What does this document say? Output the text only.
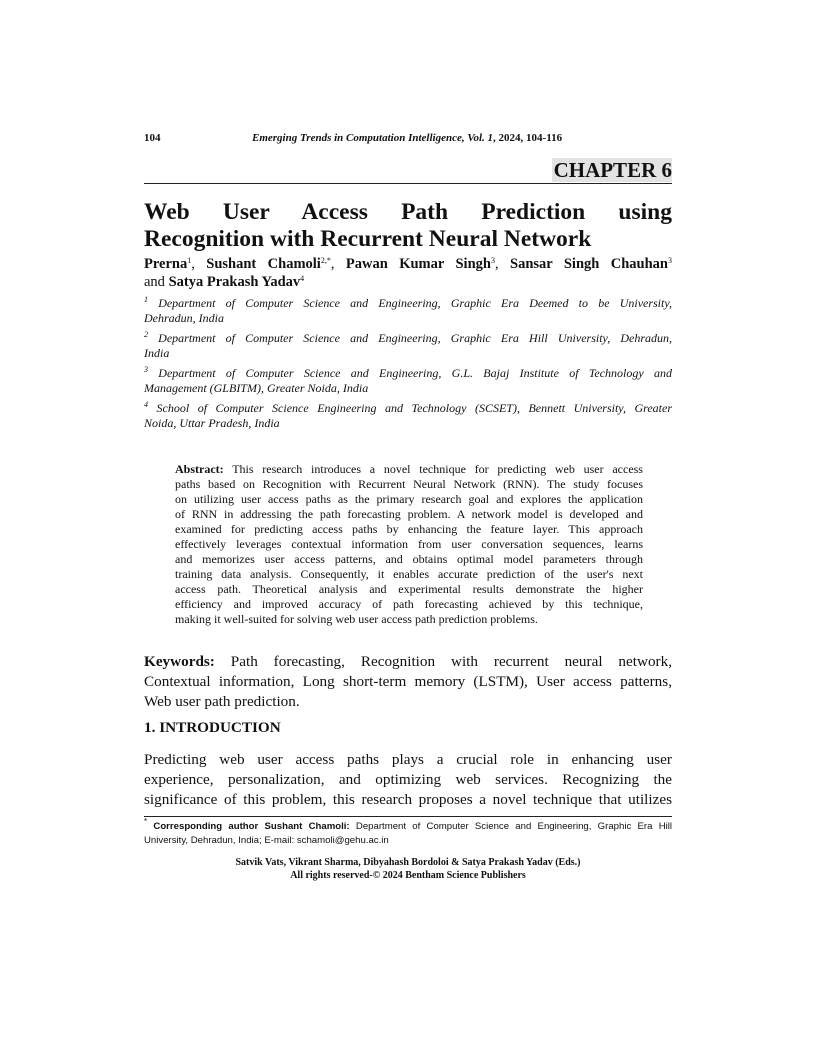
104	Emerging Trends in Computation Intelligence, Vol. 1, 2024, 104-116
CHAPTER 6
Web User Access Path Prediction using
Recognition with Recurrent Neural Network
Prerna$^1$, Sushant Chamoli$^{2,*}$, Pawan Kumar Singh$^3$, Sansar Singh Chauhan$^3$
and Satya Prakash Yadav$^4$
$^1$ Department of Computer Science and Engineering, Graphic Era Deemed to be University,
Dehradun, India
$^2$ Department of Computer Science and Engineering, Graphic Era Hill University, Dehradun,
India
$^3$ Department of Computer Science and Engineering, G.L. Bajaj Institute of Technology and
Management (GLBITM), Greater Noida, India
$^4$ School of Computer Science Engineering and Technology (SCSET), Bennett University, Greater
Noida, Uttar Pradesh, India
Abstract: This research introduces a novel technique for predicting web user access
paths based on Recognition with Recurrent Neural Network (RNN). The study focuses
on utilizing user access paths as the primary research goal and explores the application
of RNN in addressing the path forecasting problem. A network model is developed and
examined for predicting access paths by enhancing the feature layer. This approach
effectively leverages contextual information from user conversation sequences, learns
and memorizes user access patterns, and obtains optimal model parameters through
training data analysis. Consequently, it enables accurate prediction of the user's next
access path. Theoretical analysis and experimental results demonstrate the higher
efficiency and improved accuracy of path forecasting achieved by this technique,
making it well-suited for solving web user access path prediction problems.
Keywords: Path forecasting, Recognition with recurrent neural network,
Contextual information, Long short-term memory (LSTM), User access patterns,
Web user path prediction.
1. INTRODUCTION
Predicting web user access paths plays a crucial role in enhancing user
experience, personalization, and optimizing web services. Recognizing the
significance of this problem, this research proposes a novel technique that utilizes
* Corresponding author Sushant Chamoli: Department of Computer Science and Engineering, Graphic Era Hill
University, Dehradun, India; E-mail: schamoli@gehu.ac.in
Satvik Vats, Vikrant Sharma, Dibyahash Bordoloi & Satya Prakash Yadav (Eds.)
All rights reserved-© 2024 Bentham Science Publishers
